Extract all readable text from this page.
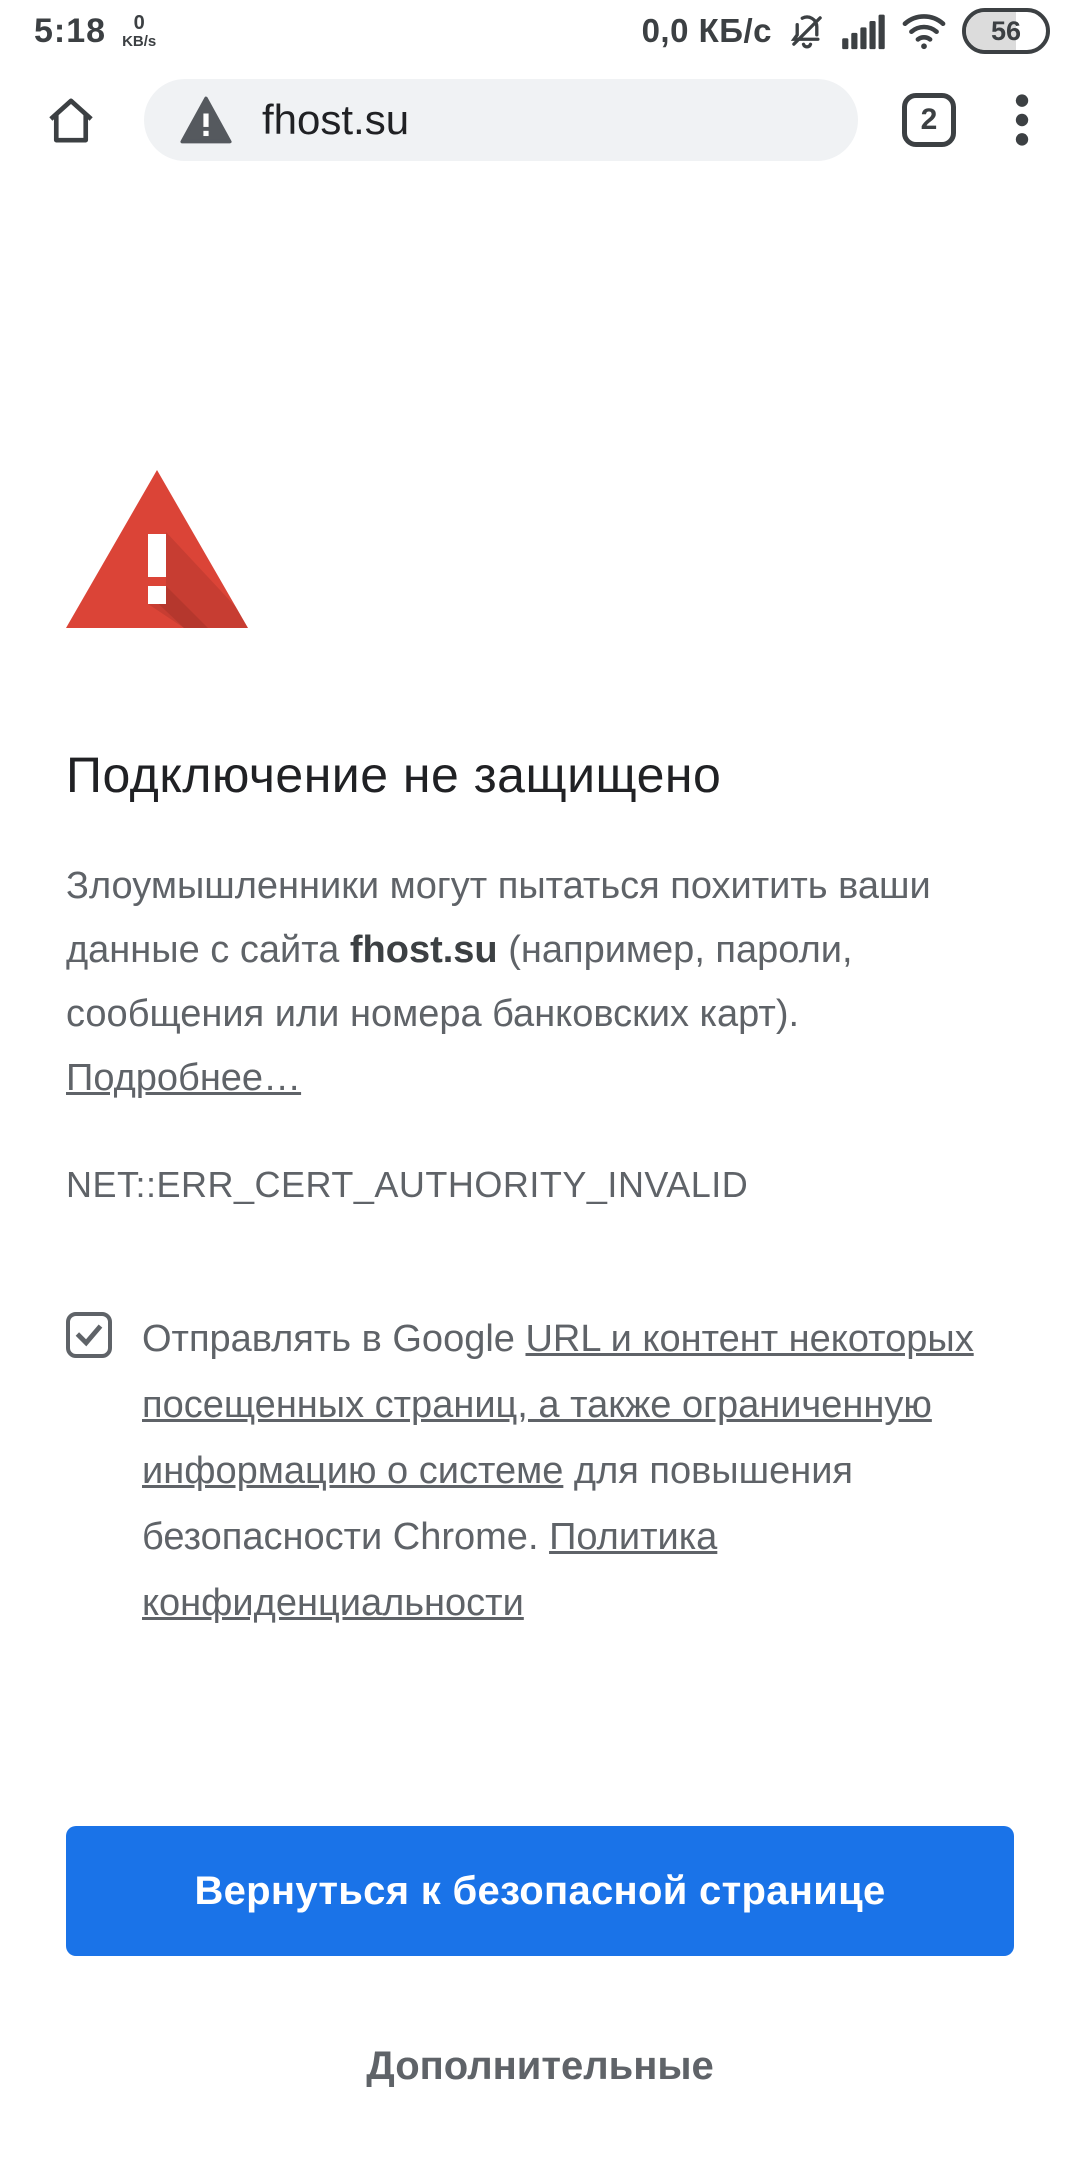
5:18 0
KB/s	0,0 КБ/с	56
fhost.su	2
Подключение не защищено

Злоумышленники могут пытаться похитить ваши данные с сайта fhost.su (например, пароли, сообщения или номера банковских карт). Подробнее…

NET::ERR_CERT_AUTHORITY_INVALID
Отправлять в Google URL и контент некоторых посещенных страниц, а также ограниченную информацию о системе для повышения безопасности Chrome. Политика конфиденциальности
Вернуться к безопасной странице
Дополнительные
